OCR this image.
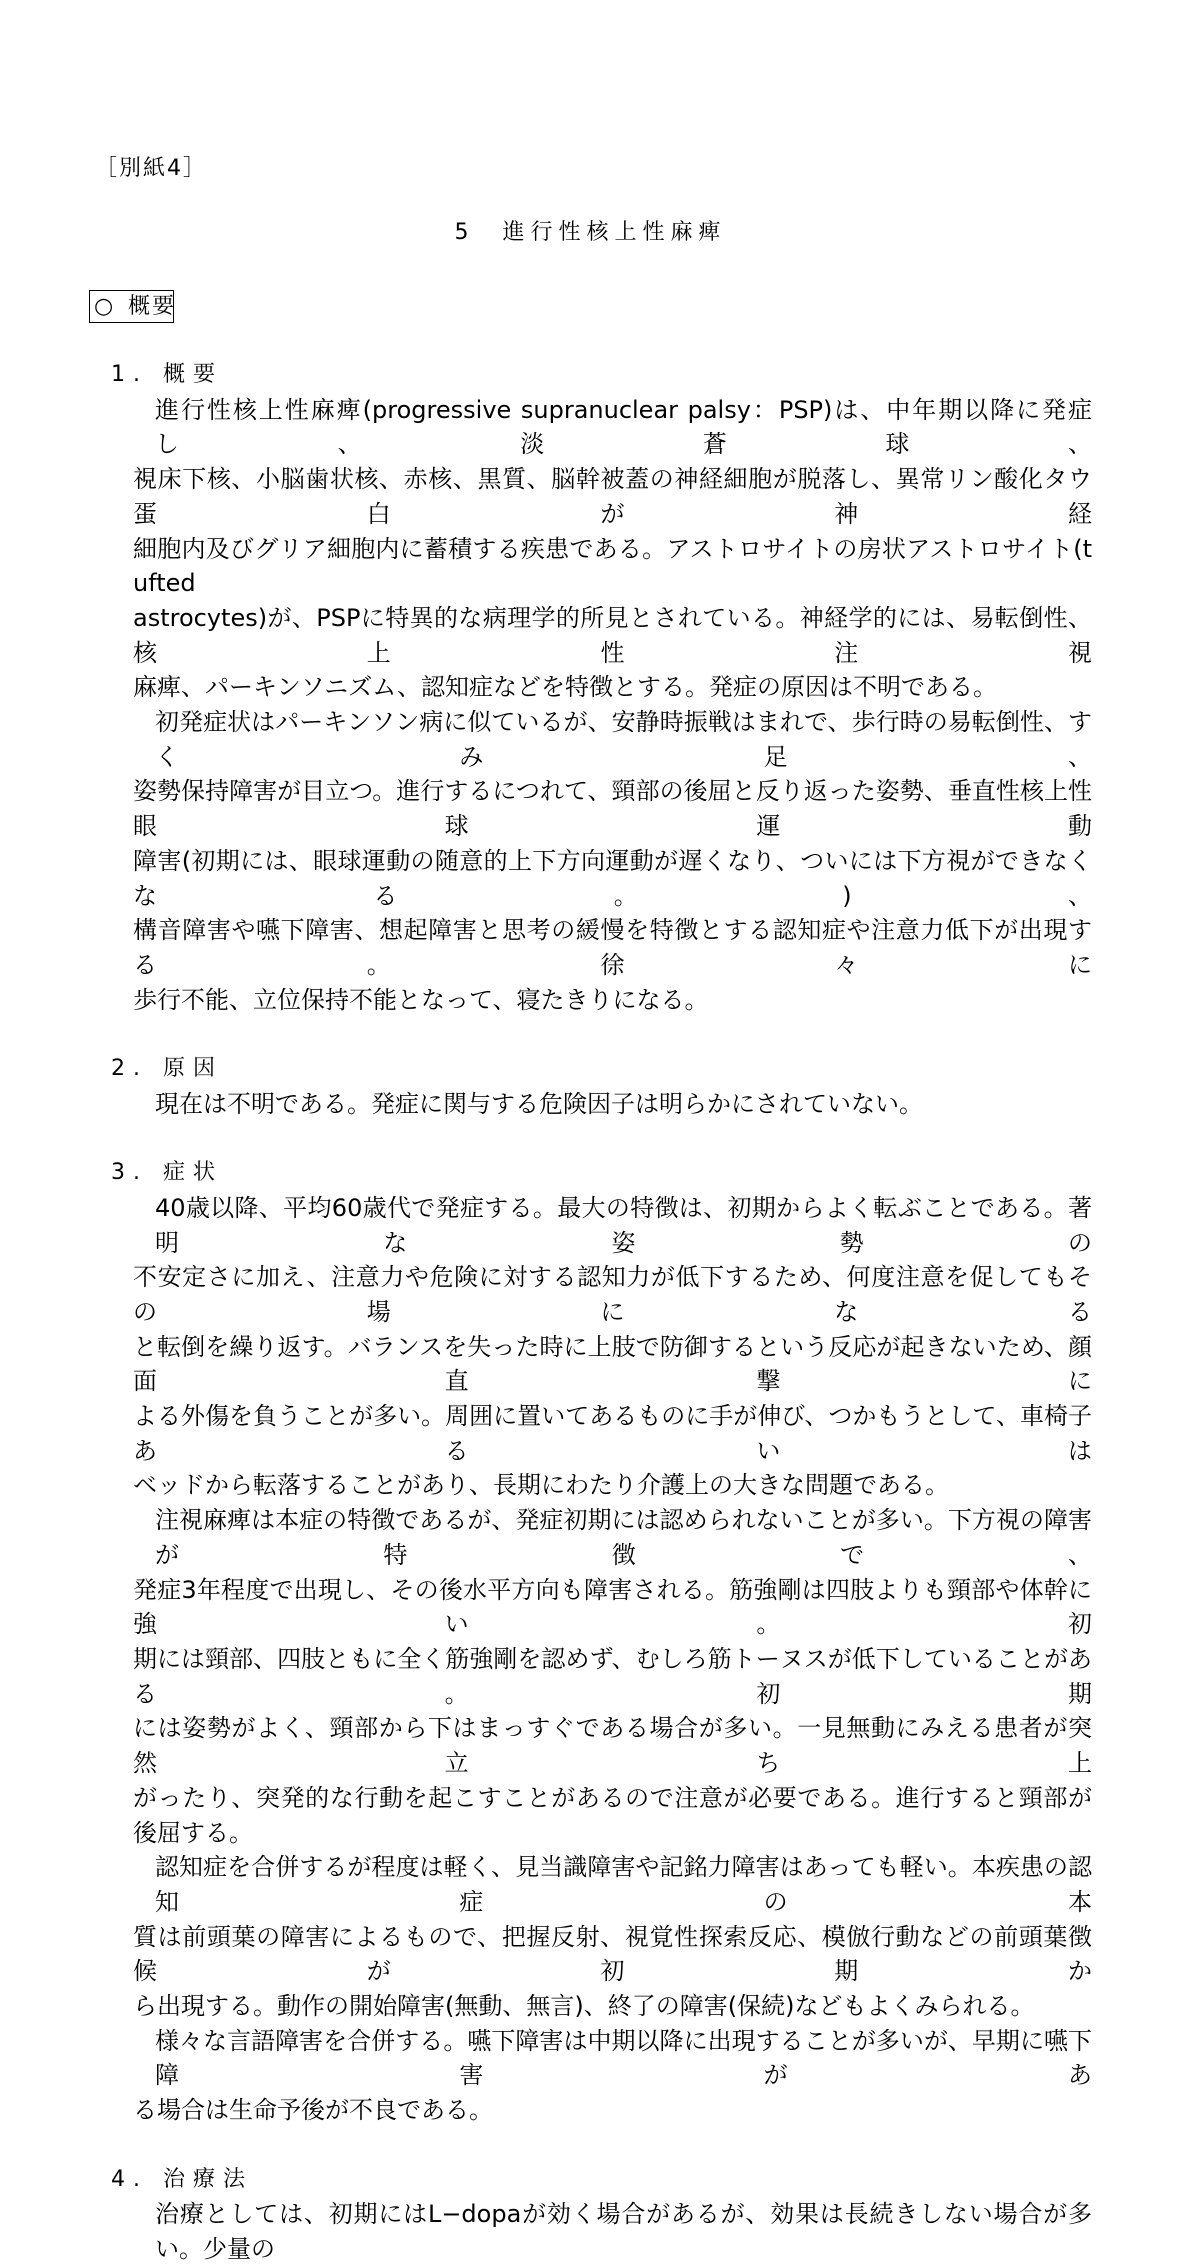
［別紙4］
5　進行性核上性麻痺
○ 概要
1. 概要
進行性核上性麻痺(progressive supranuclear palsy：PSP)は、中年期以降に発症し、淡蒼球、
視床下核、小脳歯状核、赤核、黒質、脳幹被蓋の神経細胞が脱落し、異常リン酸化タウ蛋白が神経
細胞内及びグリア細胞内に蓄積する疾患である。アストロサイトの房状アストロサイト(tufted
astrocytes)が、PSPに特異的な病理学的所見とされている。神経学的には、易転倒性、核上性注視
麻痺、パーキンソニズム、認知症などを特徴とする。発症の原因は不明である。
初発症状はパーキンソン病に似ているが、安静時振戦はまれで、歩行時の易転倒性、すくみ足、
姿勢保持障害が目立つ。進行するにつれて、頸部の後屈と反り返った姿勢、垂直性核上性眼球運動
障害(初期には、眼球運動の随意的上下方向運動が遅くなり、ついには下方視ができなくなる。)、
構音障害や嚥下障害、想起障害と思考の緩慢を特徴とする認知症や注意力低下が出現する。徐々に
歩行不能、立位保持不能となって、寝たきりになる。
2. 原因
現在は不明である。発症に関与する危険因子は明らかにされていない。
3. 症状
40歳以降、平均60歳代で発症する。最大の特徴は、初期からよく転ぶことである。著明な姿勢の
不安定さに加え、注意力や危険に対する認知力が低下するため、何度注意を促してもその場になる
と転倒を繰り返す。バランスを失った時に上肢で防御するという反応が起きないため、顔面直撃に
よる外傷を負うことが多い。周囲に置いてあるものに手が伸び、つかもうとして、車椅子あるいは
ベッドから転落することがあり、長期にわたり介護上の大きな問題である。
注視麻痺は本症の特徴であるが、発症初期には認められないことが多い。下方視の障害が特徴で、
発症3年程度で出現し、その後水平方向も障害される。筋強剛は四肢よりも頸部や体幹に強い。初
期には頸部、四肢ともに全く筋強剛を認めず、むしろ筋トーヌスが低下していることがある。初期
には姿勢がよく、頸部から下はまっすぐである場合が多い。一見無動にみえる患者が突然立ち上
がったり、突発的な行動を起こすことがあるので注意が必要である。進行すると頸部が後屈する。
認知症を合併するが程度は軽く、見当識障害や記銘力障害はあっても軽い。本疾患の認知症の本
質は前頭葉の障害によるもので、把握反射、視覚性探索反応、模倣行動などの前頭葉徴候が初期か
ら出現する。動作の開始障害(無動、無言)、終了の障害(保続)などもよくみられる。
様々な言語障害を合併する。嚥下障害は中期以降に出現することが多いが、早期に嚥下障害があ
る場合は生命予後が不良である。
4. 治療法
治療としては、初期にはL−dopaが効く場合があるが、効果は長続きしない場合が多い。少量の
